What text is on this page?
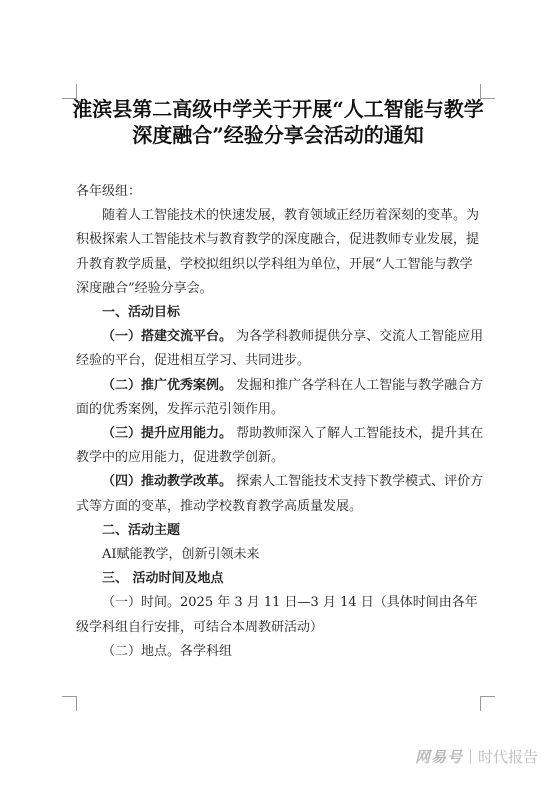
淮滨县第二高级中学关于开展“人工智能与教学深度融合”经验分享会活动的通知

各年级组：

随着人工智能技术的快速发展，教育领域正经历着深刻的变革。为积极探索人工智能技术与教育教学的深度融合，促进教师专业发展，提升教育教学质量，学校拟组织以学科组为单位，开展“人工智能与教学深度融合”经验分享会。

一、活动目标

（一）搭建交流平台。 为各学科教师提供分享、交流人工智能应用经验的平台，促进相互学习、共同进步。

（二）推广优秀案例。 发掘和推广各学科在人工智能与教学融合方面的优秀案例，发挥示范引领作用。

（三）提升应用能力。 帮助教师深入了解人工智能技术，提升其在教学中的应用能力，促进教学创新。

（四）推动教学改革。 探索人工智能技术支持下教学模式、评价方式等方面的变革，推动学校教育教学高质量发展。

二、活动主题

AI赋能教学，创新引领未来

三、 活动时间及地点

（一）时间。2025 年 3 月 11 日—3 月 14 日（具体时间由各年级学科组自行安排，可结合本周教研活动）

（二）地点。各学科组

网易号 时代报告
